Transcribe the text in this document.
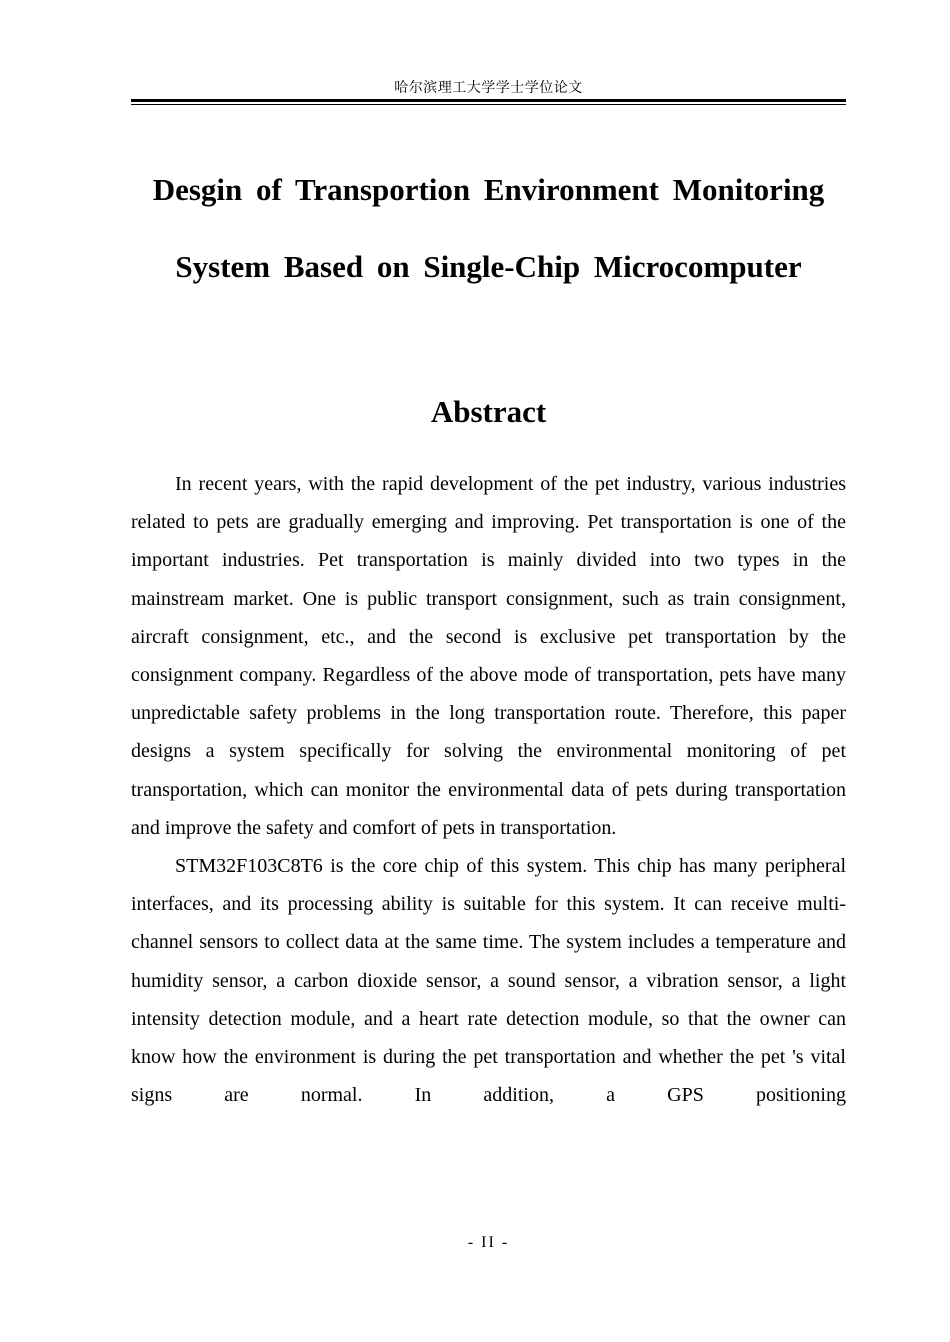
哈尔滨理工大学学士学位论文
Desgin of Transportion Environment Monitoring System Based on Single-Chip Microcomputer
Abstract

In recent years, with the rapid development of the pet industry, various industries related to pets are gradually emerging and improving. Pet transportation is one of the important industries. Pet transportation is mainly divided into two types in the mainstream market. One is public transport consignment, such as train consignment, aircraft consignment, etc., and the second is exclusive pet transportation by the consignment company. Regardless of the above mode of transportation, pets have many unpredictable safety problems in the long transportation route. Therefore, this paper designs a system specifically for solving the environmental monitoring of pet transportation, which can monitor the environmental data of pets during transportation and improve the safety and comfort of pets in transportation.

STM32F103C8T6 is the core chip of this system. This chip has many peripheral interfaces, and its processing ability is suitable for this system. It can receive multi-channel sensors to collect data at the same time. The system includes a temperature and humidity sensor, a carbon dioxide sensor, a sound sensor, a vibration sensor, a light intensity detection module, and a heart rate detection module, so that the owner can know how the environment is during the pet transportation and whether the pet 's vital signs are normal. In addition, a GPS positioning

- II -
